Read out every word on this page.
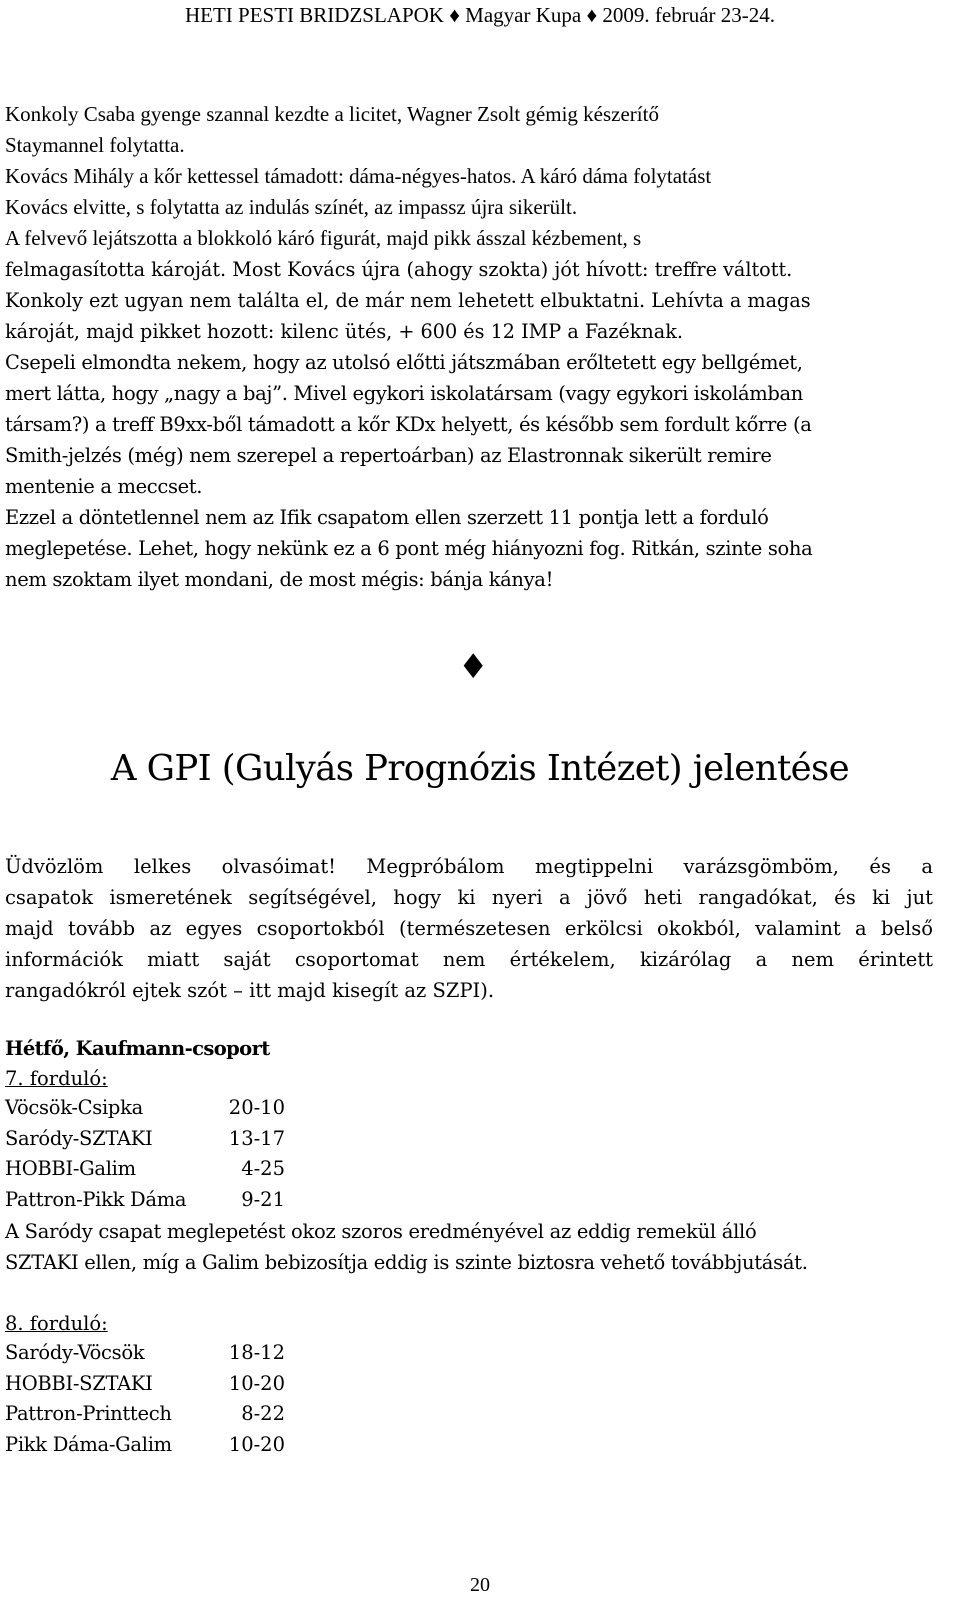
HETI PESTI BRIDZSLAPOK ♦ Magyar Kupa ♦ 2009. február 23-24.
Konkoly Csaba gyenge szannal kezdte a licitet, Wagner Zsolt gémig készerítő
Staymannel folytatta.
Kovács Mihály a kőr kettessel támadott: dáma-négyes-hatos. A káró dáma folytatást
Kovács elvitte, s folytatta az indulás színét, az impassz újra sikerült.
A felvevő lejátszotta a blokkoló káró figurát, majd pikk ásszal kézbement, s
felmagasította károját. Most Kovács újra (ahogy szokta) jót hívott: treffre váltott.
Konkoly ezt ugyan nem találta el, de már nem lehetett elbuktatni. Lehívta a magas
károját, majd pikket hozott: kilenc ütés, + 600 és 12 IMP a Fazéknak.
Csepeli elmondta nekem, hogy az utolsó előtti játszmában erőltetett egy bellgémet,
mert látta, hogy „nagy a baj”. Mivel egykori iskolatársam (vagy egykori iskolámban
társam?) a treff B9xx-ből támadott a kőr KDx helyett, és később sem fordult kőrre (a
Smith-jelzés (még) nem szerepel a repertoárban) az Elastronnak sikerült remire
mentenie a meccset.
Ezzel a döntetlennel nem az Ifik csapatom ellen szerzett 11 pontja lett a forduló
meglepetése. Lehet, hogy nekünk ez a 6 pont még hiányozni fog. Ritkán, szinte soha
nem szoktam ilyet mondani, de most mégis: bánja kánya!
♦
A GPI (Gulyás Prognózis Intézet) jelentése
Üdvözlöm lelkes olvasóimat! Megpróbálom megtippelni varázsgömböm, és a
csapatok ismeretének segítségével, hogy ki nyeri a jövő heti rangadókat, és ki jut
majd tovább az egyes csoportokból (természetesen erkölcsi okokból, valamint a belső
információk miatt saját csoportomat nem értékelem, kizárólag a nem érintett
rangadókról ejtek szót – itt majd kisegít az SZPI).
Hétfő, Kaufmann-csoport
7. forduló:
Vöcsök-Csipka	20-10
Saródy-SZTAKI	13-17
HOBBI-Galim	4-25
Pattron-Pikk Dáma	9-21
A Saródy csapat meglepetést okoz szoros eredményével az eddig remekül álló
SZTAKI ellen, míg a Galim bebizosítja eddig is szinte biztosra vehető továbbjutását.
8. forduló:
Saródy-Vöcsök	18-12
HOBBI-SZTAKI	10-20
Pattron-Printtech	8-22
Pikk Dáma-Galim	10-20
20
